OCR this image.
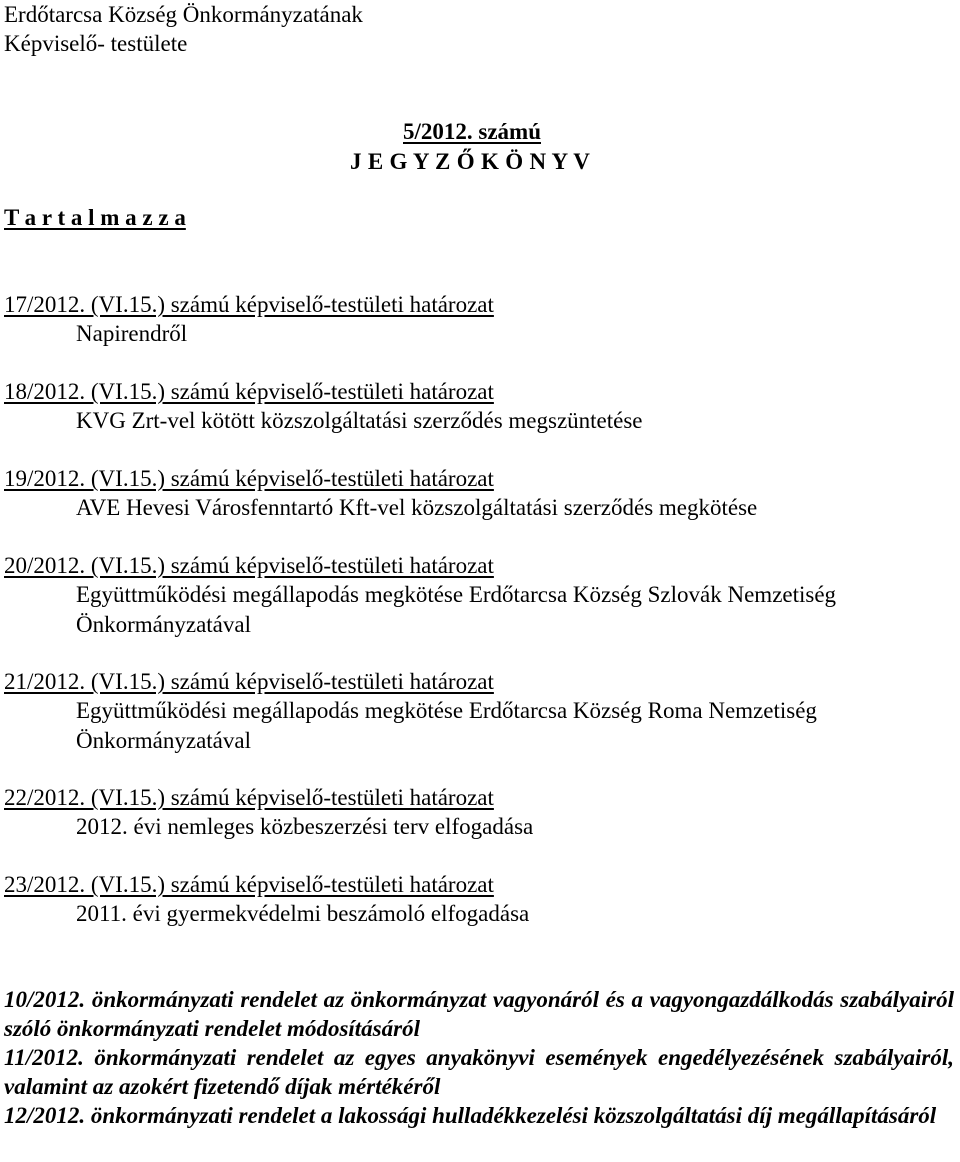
Erdőtarcsa Község Önkormányzatának
Képviselő- testülete
5/2012. számú
J E G Y Z Ő K Ö N Y V
T a r t a l m a z z a
17/2012. (VI.15.) számú képviselő-testületi határozat
Napirendről
18/2012. (VI.15.) számú képviselő-testületi határozat
KVG Zrt-vel kötött közszolgáltatási szerződés megszüntetése
19/2012. (VI.15.) számú képviselő-testületi határozat
AVE Hevesi Városfenntartó Kft-vel közszolgáltatási szerződés megkötése
20/2012. (VI.15.) számú képviselő-testületi határozat
Együttműködési megállapodás megkötése Erdőtarcsa Község Szlovák Nemzetiség Önkormányzatával
21/2012. (VI.15.) számú képviselő-testületi határozat
Együttműködési megállapodás megkötése Erdőtarcsa Község Roma Nemzetiség Önkormányzatával
22/2012. (VI.15.) számú képviselő-testületi határozat
2012. évi nemleges közbeszerzési terv elfogadása
23/2012. (VI.15.) számú képviselő-testületi határozat
2011. évi gyermekvédelmi beszámoló elfogadása
10/2012. önkormányzati rendelet az önkormányzat vagyonáról és a vagyongazdálkodás szabályairól szóló önkormányzati rendelet módosításáról
11/2012. önkormányzati rendelet az egyes anyakönyvi események engedélyezésének szabályairól, valamint az azokért fizetendő díjak mértékéről
12/2012. önkormányzati rendelet a lakossági hulladékkezelési közszolgáltatási díj megállapításáról
